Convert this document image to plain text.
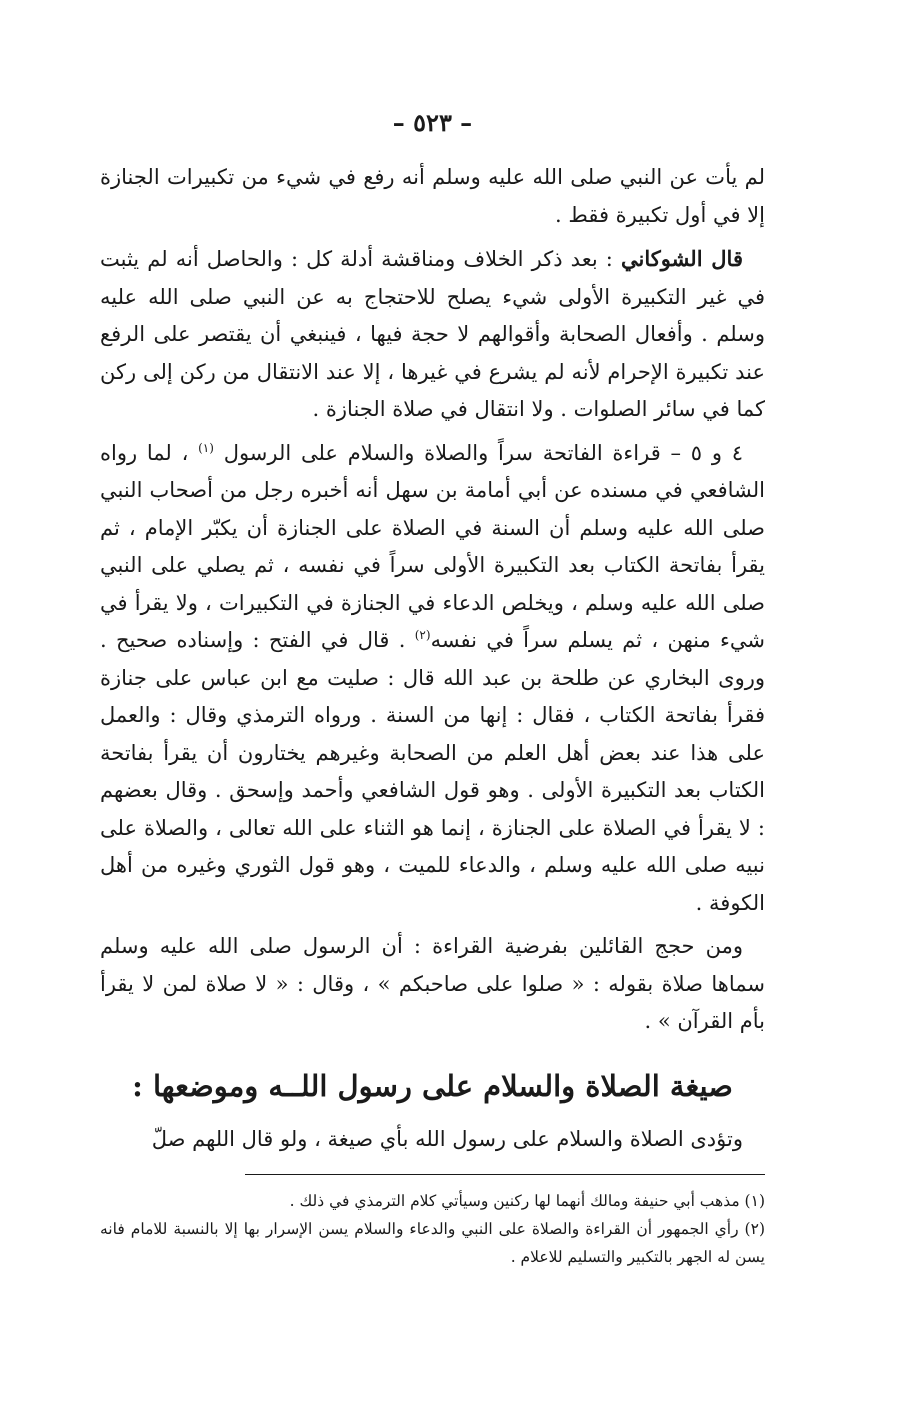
– ٥٢٣ –

لم يأت عن النبي صلى الله عليه وسلم أنه رفع في شيء من تكبيرات الجنازة إلا في أول تكبيرة فقط .

قال الشوكاني : بعد ذكر الخلاف ومناقشة أدلة كل : والحاصل أنه لم يثبت في غير التكبيرة الأولى شيء يصلح للاحتجاج به عن النبي صلى الله عليه وسلم . وأفعال الصحابة وأقوالهم لا حجة فيها ، فينبغي أن يقتصر على الرفع عند تكبيرة الإحرام لأنه لم يشرع في غيرها ، إلا عند الانتقال من ركن إلى ركن كما في سائر الصلوات . ولا انتقال في صلاة الجنازة .

٤ و ٥ – قراءة الفاتحة سراً والصلاة والسلام على الرسول $^{(١)}$ ، لما رواه الشافعي في مسنده عن أبي أمامة بن سهل أنه أخبره رجل من أصحاب النبي صلى الله عليه وسلم أن السنة في الصلاة على الجنازة أن يكبّر الإمام ، ثم يقرأ بفاتحة الكتاب بعد التكبيرة الأولى سراً في نفسه ، ثم يصلي على النبي صلى الله عليه وسلم ، ويخلص الدعاء في الجنازة في التكبيرات ، ولا يقرأ في شيء منهن ، ثم يسلم سراً في نفسه$^{(٢)}$ . قال في الفتح : وإسناده صحيح . وروى البخاري عن طلحة بن عبد الله قال : صليت مع ابن عباس على جنازة فقرأ بفاتحة الكتاب ، فقال : إنها من السنة . ورواه الترمذي وقال : والعمل على هذا عند بعض أهل العلم من الصحابة وغيرهم يختارون أن يقرأ بفاتحة الكتاب بعد التكبيرة الأولى . وهو قول الشافعي وأحمد وإسحق . وقال بعضهم : لا يقرأ في الصلاة على الجنازة ، إنما هو الثناء على الله تعالى ، والصلاة على نبيه صلى الله عليه وسلم ، والدعاء للميت ، وهو قول الثوري وغيره من أهل الكوفة .

ومن حجج القائلين بفرضية القراءة : أن الرسول صلى الله عليه وسلم سماها صلاة بقوله : « صلوا على صاحبكم » ، وقال : « لا صلاة لمن لا يقرأ بأم القرآن » .

صيغة الصلاة والسلام على رسول اللــه وموضعها :

وتؤدى الصلاة والسلام على رسول الله بأي صيغة ، ولو قال اللهم صلّ

(١) مذهب أبي حنيفة ومالك أنهما لها ركنين وسيأتي كلام الترمذي في ذلك .

(٢) رأي الجمهور أن القراءة والصلاة على النبي والدعاء والسلام يسن الإسرار بها إلا بالنسبة للامام فانه يسن له الجهر بالتكبير والتسليم للاعلام .
